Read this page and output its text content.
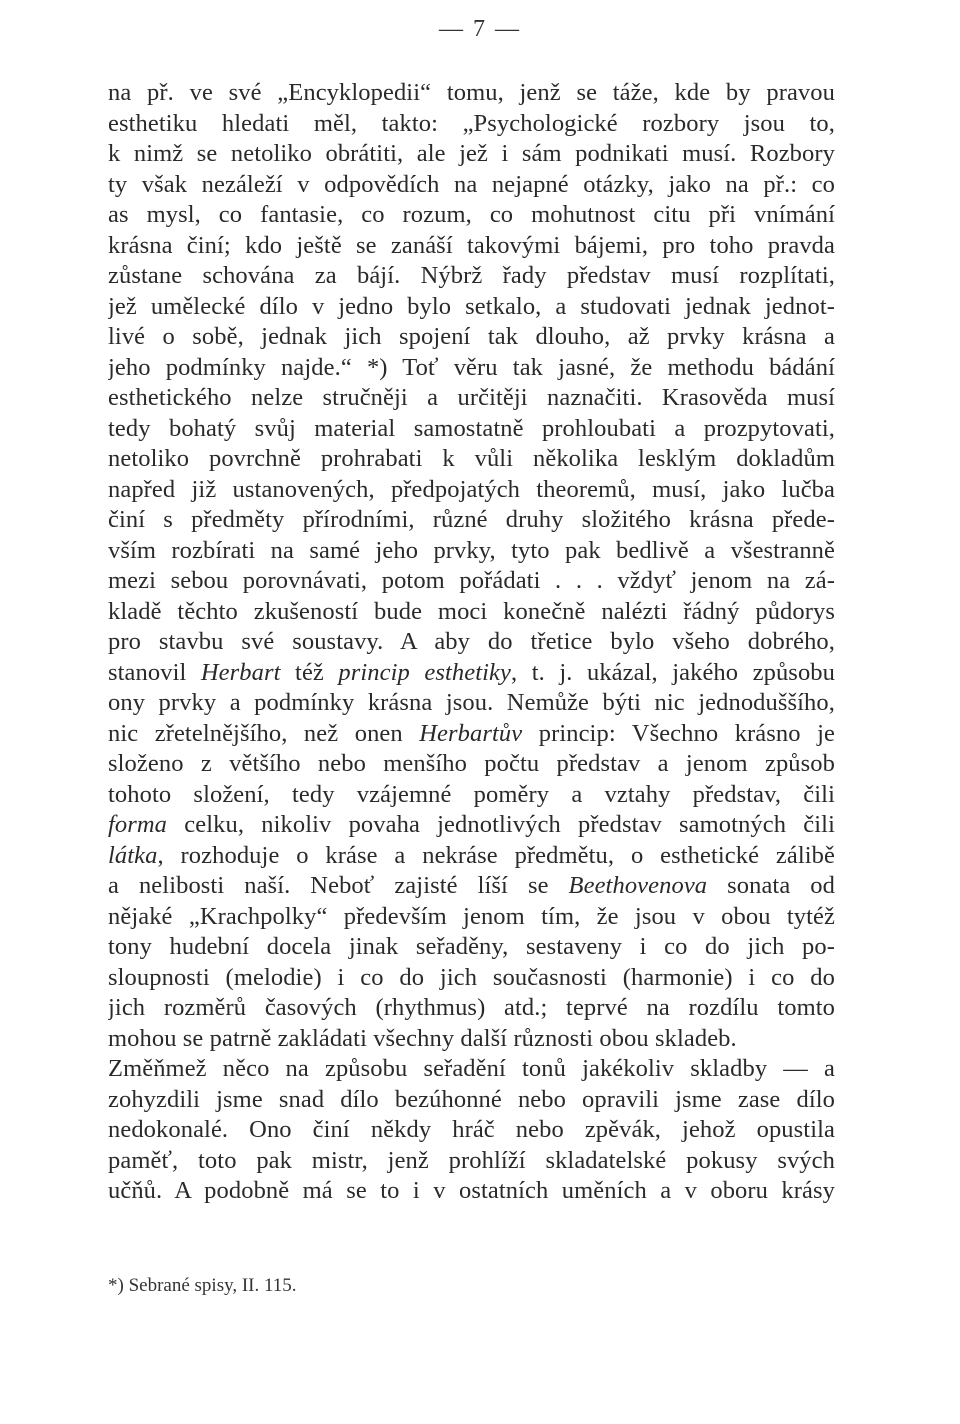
— 7 —
na př. ve své „Encyklopedii“ tomu, jenž se táže, kde by pravou
esthetiku hledati měl, takto: „Psychologické rozbory jsou to,
k nimž se netoliko obrátiti, ale jež i sám podnikati musí. Rozbory
ty však nezáleží v odpovědích na nejapné otázky, jako na př.: co
as mysl, co fantasie, co rozum, co mohutnost citu při vnímání
krásna činí; kdo ještě se zanáší takovými bájemi, pro toho pravda
zůstane schována za bájí. Nýbrž řady představ musí rozplítati,
jež umělecké dílo v jedno bylo setkalo, a studovati jednak jednot-
livé o sobě, jednak jich spojení tak dlouho, až prvky krásna a
jeho podmínky najde.“ *) Toť věru tak jasné, že methodu bádání
esthetického nelze stručněji a určitěji naznačiti. Krasověda musí
tedy bohatý svůj material samostatně prohloubati a prozpytovati,
netoliko povrchně prohrabati k vůli několika lesklým dokladům
napřed již ustanovených, předpojatých theoremů, musí, jako lučba
činí s předměty přírodními, různé druhy složitého krásna přede-
vším rozbírati na samé jeho prvky, tyto pak bedlivě a všestranně
mezi sebou porovnávati, potom pořádati . . . vždyť jenom na zá-
kladě těchto zkušeností bude moci konečně nalézti řádný půdorys
pro stavbu své soustavy. A aby do třetice bylo všeho dobrého,
stanovil Herbart též princip esthetiky, t. j. ukázal, jakého způsobu
ony prvky a podmínky krásna jsou. Nemůže býti nic jednoduššího,
nic zřetelnějšího, než onen Herbartův princip: Všechno krásno je
složeno z většího nebo menšího počtu představ a jenom způsob
tohoto složení, tedy vzájemné poměry a vztahy představ, čili
forma celku, nikoliv povaha jednotlivých představ samotných čili
látka, rozhoduje o kráse a nekráse předmětu, o esthetické zálibě
a nelibosti naší. Neboť zajisté líší se Beethovenova sonata od
nějaké „Krachpolky“ především jenom tím, že jsou v obou tytéž
tony hudební docela jinak seřaděny, sestaveny i co do jich po-
sloupnosti (melodie) i co do jich současnosti (harmonie) i co do
jich rozměrů časových (rhythmus) atd.; teprvé na rozdílu tomto
mohou se patrně zakládati všechny další různosti obou skladeb.
Změňmež něco na způsobu seřadění tonů jakékoliv skladby — a
zohyzdili jsme snad dílo bezúhonné nebo opravili jsme zase dílo
nedokonalé. Ono činí někdy hráč nebo zpěvák, jehož opustila
paměť, toto pak mistr, jenž prohlíží skladatelské pokusy svých
učňů. A podobně má se to i v ostatních uměních a v oboru krásy
*) Sebrané spisy, II. 115.
